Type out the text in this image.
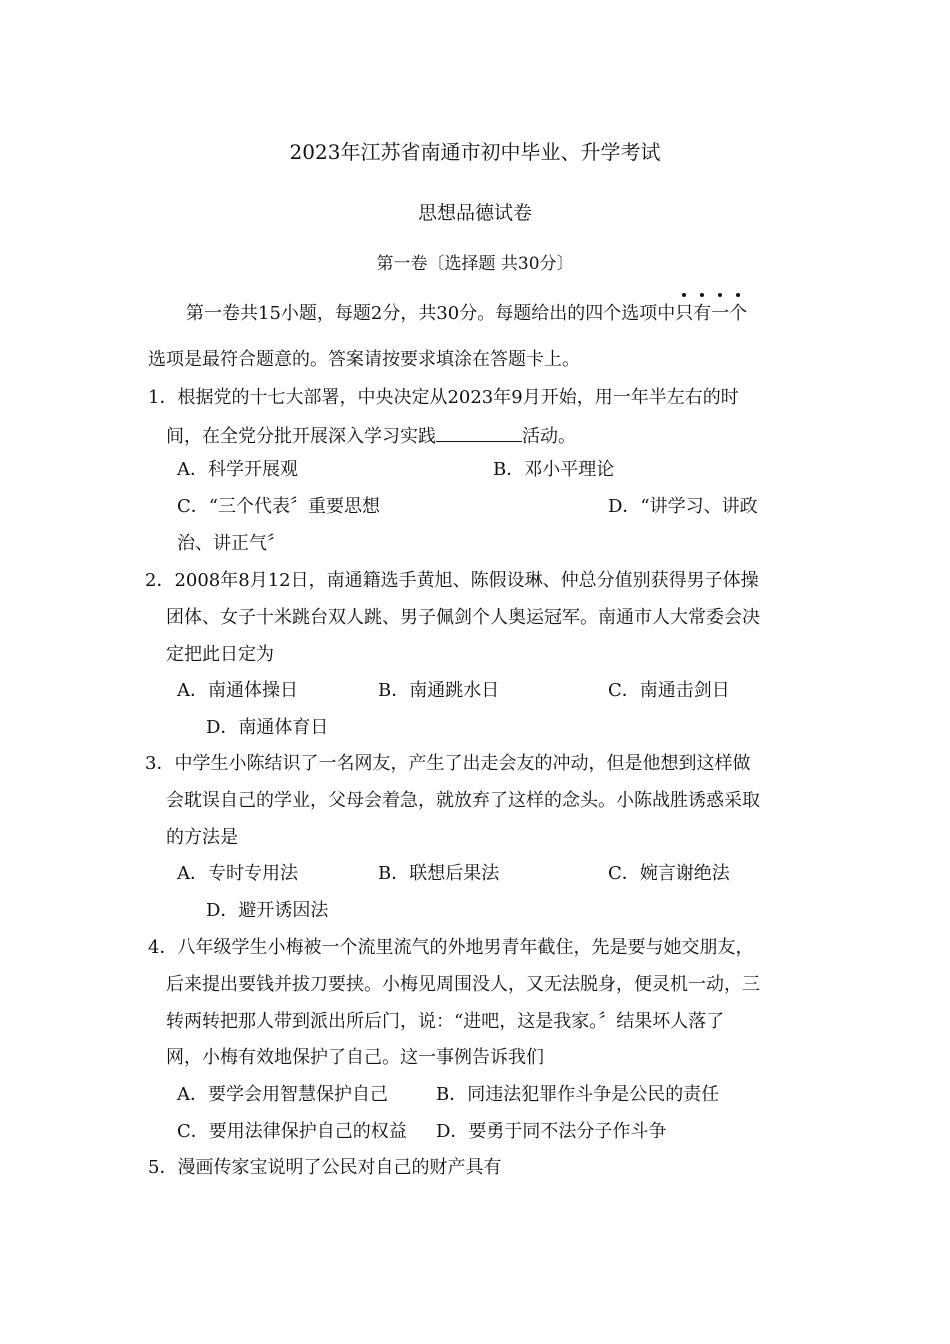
2023年江苏省南通市初中毕业、升学考试
思想品德试卷
第一卷〔选择题 共30分〕
第一卷共15小题，每题2分，共30分。每题给出的四个选项中只有一个
选项是最符合题意的。答案请按要求填涂在答题卡上。
1．根据党的十七大部署，中央决定从2023年9月开始，用一年半左右的时
间，在全党分批开展深入学习实践	活动。
A．科学开展观	B．邓小平理论
C．“三个代表〞重要思想	D．“讲学习、讲政
治、讲正气〞
2．2008年8月12日，南通籍选手黄旭、陈假设琳、仲总分值别获得男子体操
团体、女子十米跳台双人跳、男子佩剑个人奥运冠军。南通市人大常委会决
定把此日定为
A．南通体操日	B．南通跳水日	C．南通击剑日
D．南通体育日
3．中学生小陈结识了一名网友，产生了出走会友的冲动，但是他想到这样做
会耽误自己的学业，父母会着急，就放弃了这样的念头。小陈战胜诱惑采取
的方法是
A．专时专用法	B．联想后果法	C．婉言谢绝法
D．避开诱因法
4．八年级学生小梅被一个流里流气的外地男青年截住，先是要与她交朋友，
后来提出要钱并拔刀要挟。小梅见周围没人，又无法脱身，便灵机一动，三
转两转把那人带到派出所后门，说：“进吧，这是我家。〞结果坏人落了
网，小梅有效地保护了自己。这一事例告诉我们
A．要学会用智慧保护自己	B．同违法犯罪作斗争是公民的责任
C．要用法律保护自己的权益 D．要勇于同不法分子作斗争
5．漫画传家宝说明了公民对自己的财产具有
